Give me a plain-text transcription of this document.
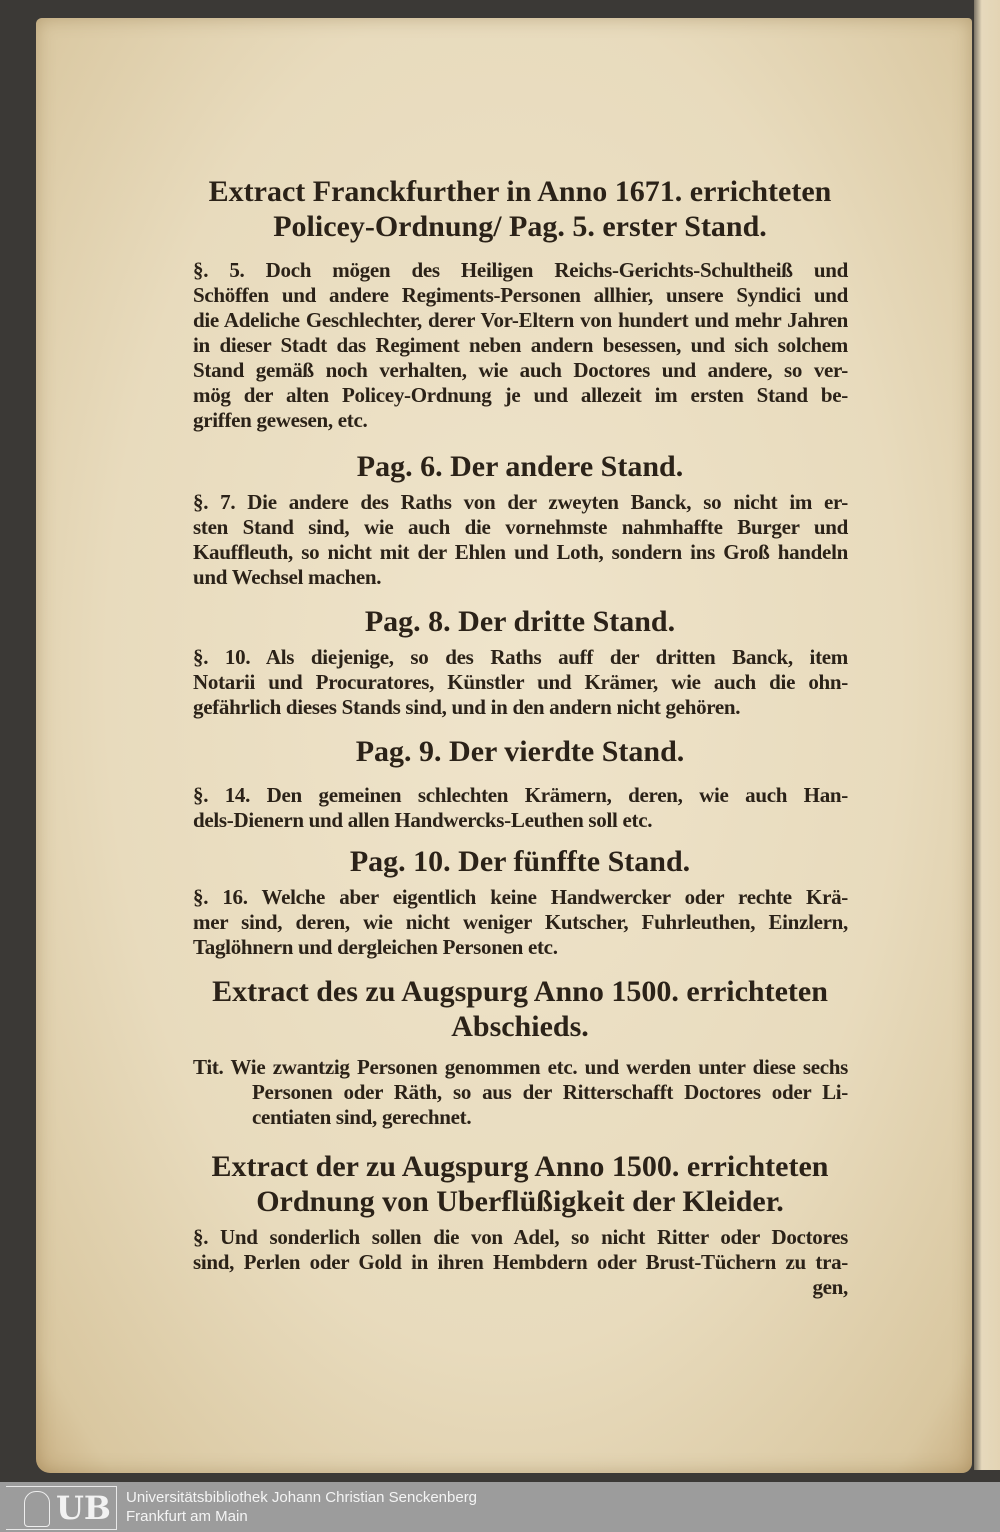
Extract Franckfurther in Anno 1671. errichteten
Policey-Ordnung/ Pag. 5. erster Stand.
§. 5. Doch mögen des Heiligen Reichs-Gerichts-Schultheiß und
Schöffen und andere Regiments-Personen allhier, unsere Syndici und
die Adeliche Geschlechter, derer Vor-Eltern von hundert und mehr Jahren
in dieser Stadt das Regiment neben andern besessen, und sich solchem
Stand gemäß noch verhalten, wie auch Doctores und andere, so ver-
mög der alten Policey-Ordnung je und allezeit im ersten Stand be-
griffen gewesen, etc.
Pag. 6. Der andere Stand.
§. 7. Die andere des Raths von der zweyten Banck, so nicht im er-
sten Stand sind, wie auch die vornehmste nahmhaffte Burger und
Kauffleuth, so nicht mit der Ehlen und Loth, sondern ins Groß handeln
und Wechsel machen.
Pag. 8. Der dritte Stand.
§. 10. Als diejenige, so des Raths auff der dritten Banck, item
Notarii und Procuratores, Künstler und Krämer, wie auch die ohn-
gefährlich dieses Stands sind, und in den andern nicht gehören.
Pag. 9. Der vierdte Stand.
§. 14. Den gemeinen schlechten Krämern, deren, wie auch Han-
dels-Dienern und allen Handwercks-Leuthen soll etc.
Pag. 10. Der fünffte Stand.
§. 16. Welche aber eigentlich keine Handwercker oder rechte Krä-
mer sind, deren, wie nicht weniger Kutscher, Fuhrleuthen, Einzlern,
Taglöhnern und dergleichen Personen etc.
Extract des zu Augspurg Anno 1500. errichteten
Abschieds.
Tit. Wie zwantzig Personen genommen etc. und werden unter diese sechs
Personen oder Räth, so aus der Ritterschafft Doctores oder Li-
centiaten sind, gerechnet.
Extract der zu Augspurg Anno 1500. errichteten
Ordnung von Uberflüßigkeit der Kleider.
§. Und sonderlich sollen die von Adel, so nicht Ritter oder Doctores
sind, Perlen oder Gold in ihren Hembdern oder Brust-Tüchern zu tra-
gen,
UB Universitätsbibliothek Johann Christian Senckenberg
Frankfurt am Main
